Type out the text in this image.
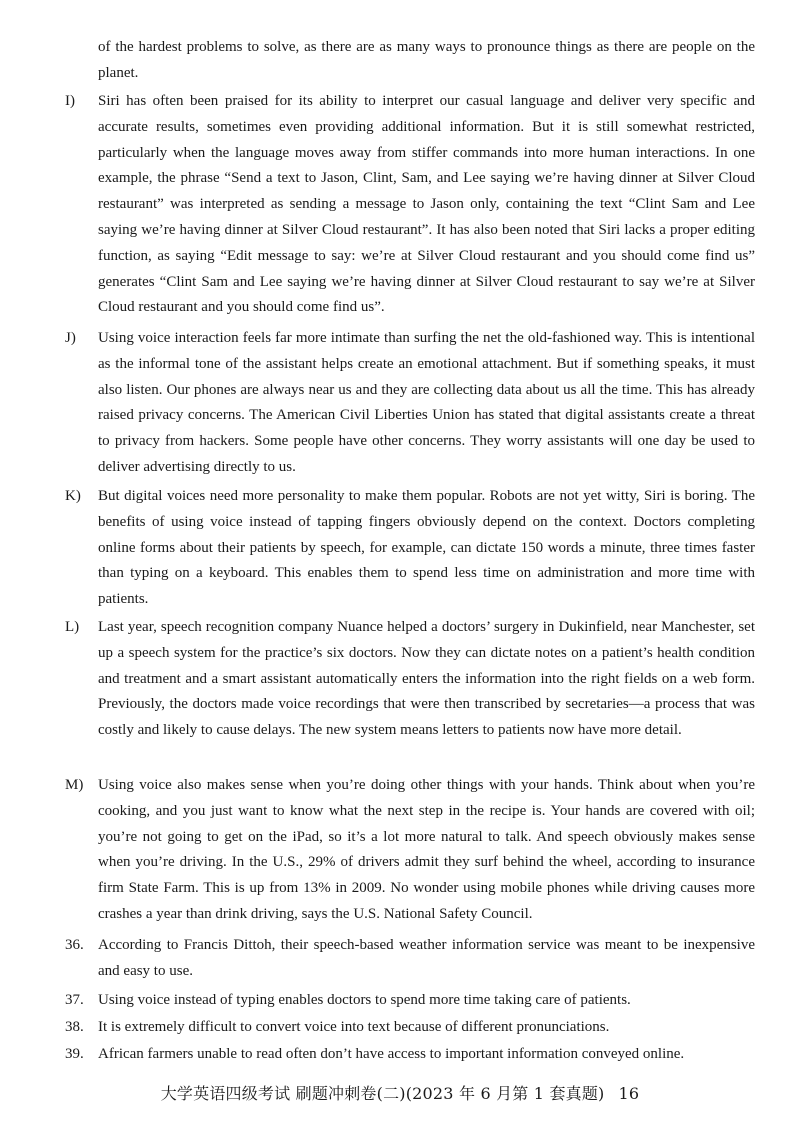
of the hardest problems to solve, as there are as many ways to pronounce things as there are people on the planet.
I)	Siri has often been praised for its ability to interpret our casual language and deliver very specific and accurate results, sometimes even providing additional information. But it is still somewhat restricted, particularly when the language moves away from stiffer commands into more human interactions. In one example, the phrase “Send a text to Jason, Clint, Sam, and Lee saying we’re having dinner at Silver Cloud restaurant” was interpreted as sending a message to Jason only, containing the text “Clint Sam and Lee saying we’re having dinner at Silver Cloud restaurant”. It has also been noted that Siri lacks a proper editing function, as saying “Edit message to say: we’re at Silver Cloud restaurant and you should come find us” generates “Clint Sam and Lee saying we’re having dinner at Silver Cloud restaurant to say we’re at Silver Cloud restaurant and you should come find us”.
J)	Using voice interaction feels far more intimate than surfing the net the old-fashioned way. This is intentional as the informal tone of the assistant helps create an emotional attachment. But if something speaks, it must also listen. Our phones are always near us and they are collecting data about us all the time. This has already raised privacy concerns. The American Civil Liberties Union has stated that digital assistants create a threat to privacy from hackers. Some people have other concerns. They worry assistants will one day be used to deliver advertising directly to us.
K)	But digital voices need more personality to make them popular. Robots are not yet witty, Siri is boring. The benefits of using voice instead of tapping fingers obviously depend on the context. Doctors completing online forms about their patients by speech, for example, can dictate 150 words a minute, three times faster than typing on a keyboard. This enables them to spend less time on administration and more time with patients.
L)	Last year, speech recognition company Nuance helped a doctors’ surgery in Dukinfield, near Manchester, set up a speech system for the practice’s six doctors. Now they can dictate notes on a patient’s health condition and treatment and a smart assistant automatically enters the information into the right fields on a web form. Previously, the doctors made voice recordings that were then transcribed by secretaries—a process that was costly and likely to cause delays. The new system means letters to patients now have more detail.
M) Using voice also makes sense when you’re doing other things with your hands. Think about when you’re cooking, and you just want to know what the next step in the recipe is. Your hands are covered with oil; you’re not going to get on the iPad, so it’s a lot more natural to talk. And speech obviously makes sense when you’re driving. In the U.S., 29% of drivers admit they surf behind the wheel, according to insurance firm State Farm. This is up from 13% in 2009. No wonder using mobile phones while driving causes more crashes a year than drink driving, says the U.S. National Safety Council.
36. According to Francis Dittoh, their speech-based weather information service was meant to be inexpensive and easy to use.
37. Using voice instead of typing enables doctors to spend more time taking care of patients.
38. It is extremely difficult to convert voice into text because of different pronunciations.
39. African farmers unable to read often don’t have access to important information conveyed online.
大学英语四级考试 刷题冲刺卷(二)(2023 年 6 月第 1 套真题) 16
